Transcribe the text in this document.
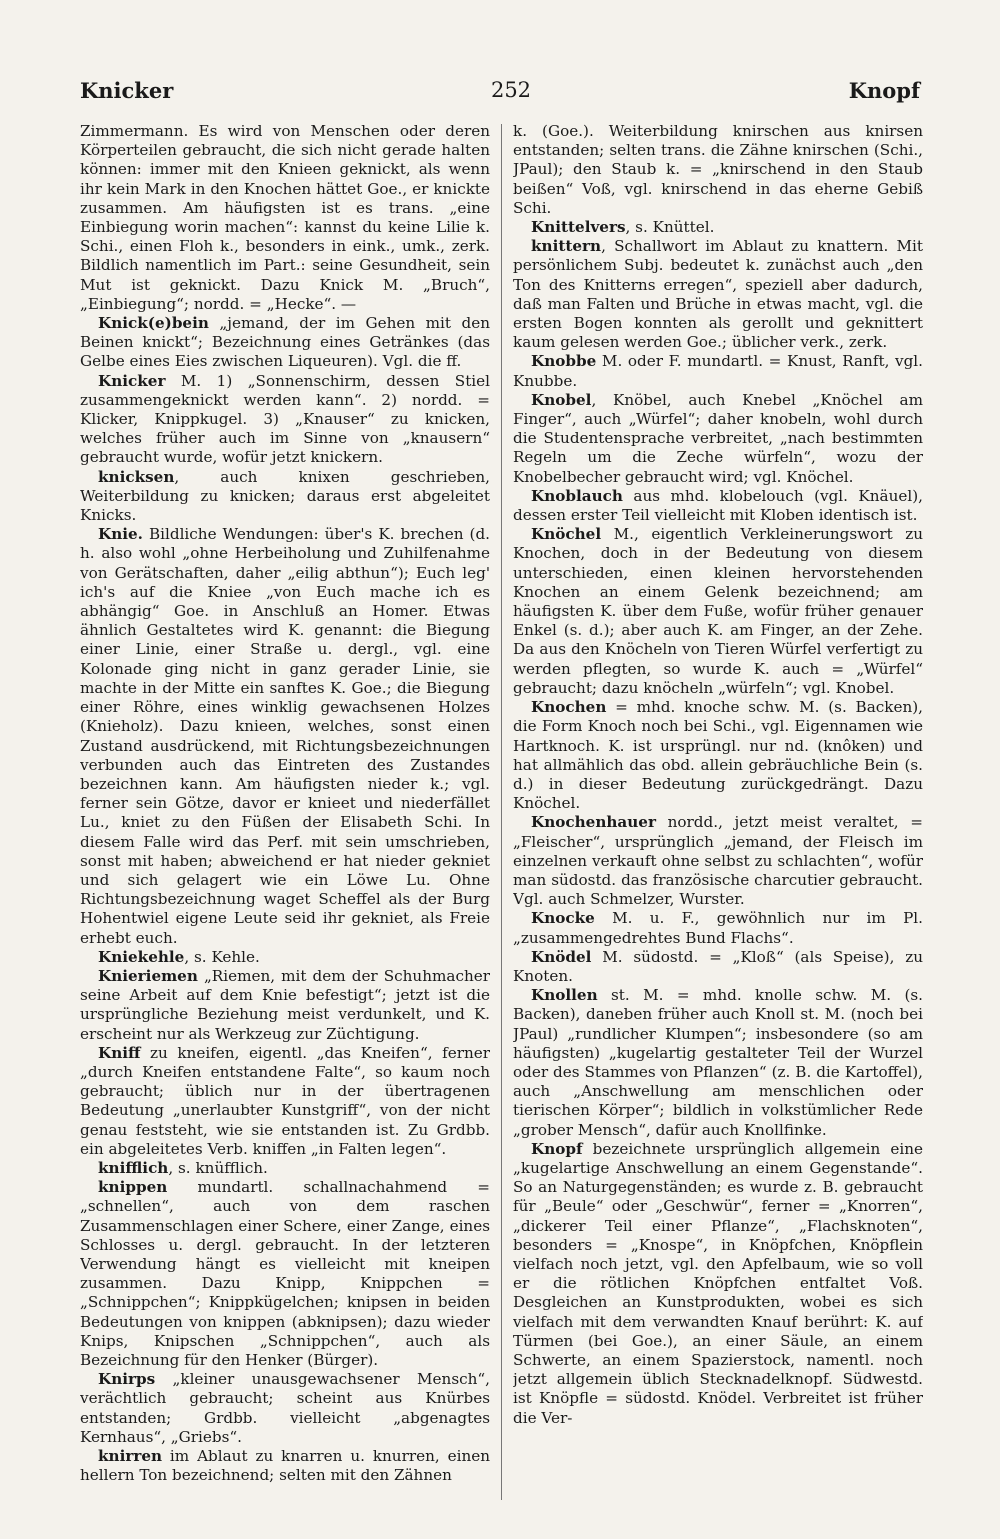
Knicker	252	Knopf

Zimmermann. Es wird von Menschen oder deren Körperteilen gebraucht, die sich nicht gerade halten können: immer mit den Knieen geknickt, als wenn ihr kein Mark in den Knochen hättet Goe., er knickte zusammen. Am häufigsten ist es trans. „eine Einbiegung worin machen“: kannst du keine Lilie k. Schi., einen Floh k., besonders in eink., umk., zerk. Bildlich namentlich im Part.: seine Gesundheit, sein Mut ist geknickt. Dazu Knick M. „Bruch“, „Einbiegung“; nordd. = „Hecke“. —

Knick(e)bein „jemand, der im Gehen mit den Beinen knickt“; Bezeichnung eines Getränkes (das Gelbe eines Eies zwischen Liqueuren). Vgl. die ff.

Knicker M. 1) „Sonnenschirm, dessen Stiel zusammengeknickt werden kann“. 2) nordd. = Klicker, Knippkugel. 3) „Knauser“ zu knicken, welches früher auch im Sinne von „knausern“ gebraucht wurde, wofür jetzt knickern.

knicksen, auch knixen geschrieben, Weiterbildung zu knicken; daraus erst abgeleitet Knicks.

Knie. Bildliche Wendungen: über's K. brechen (d. h. also wohl „ohne Herbeiholung und Zuhilfenahme von Gerätschaften, daher „eilig abthun“); Euch leg' ich's auf die Kniee „von Euch mache ich es abhängig“ Goe. in Anschluß an Homer. Etwas ähnlich Gestaltetes wird K. genannt: die Biegung einer Linie, einer Straße u. dergl., vgl. eine Kolonade ging nicht in ganz gerader Linie, sie machte in der Mitte ein sanftes K. Goe.; die Biegung einer Röhre, eines winklig gewachsenen Holzes (Knieholz). Dazu knieen, welches, sonst einen Zustand ausdrückend, mit Richtungsbezeichnungen verbunden auch das Eintreten des Zustandes bezeichnen kann. Am häufigsten nieder k.; vgl. ferner sein Götze, davor er knieet und niederfället Lu., kniet zu den Füßen der Elisabeth Schi. In diesem Falle wird das Perf. mit sein umschrieben, sonst mit haben; abweichend er hat nieder gekniet und sich gelagert wie ein Löwe Lu. Ohne Richtungsbezeichnung waget Scheffel als der Burg Hohentwiel eigene Leute seid ihr gekniet, als Freie erhebt euch.

Kniekehle, s. Kehle.

Knieriemen „Riemen, mit dem der Schuhmacher seine Arbeit auf dem Knie befestigt“; jetzt ist die ursprüngliche Beziehung meist verdunkelt, und K. erscheint nur als Werkzeug zur Züchtigung.

Kniff zu kneifen, eigentl. „das Kneifen“, ferner „durch Kneifen entstandene Falte“, so kaum noch gebraucht; üblich nur in der übertragenen Bedeutung „unerlaubter Kunstgriff“, von der nicht genau feststeht, wie sie entstanden ist. Zu Grdbb. ein abgeleitetes Verb. kniffen „in Falten legen“.

knifflich, s. knüfflich.

knippen mundartl. schallnachahmend = „schnellen“, auch von dem raschen Zusammenschlagen einer Schere, einer Zange, eines Schlosses u. dergl. gebraucht. In der letzteren Verwendung hängt es vielleicht mit kneipen zusammen. Dazu Knipp, Knippchen = „Schnippchen“; Knippkügelchen; knipsen in beiden Bedeutungen von knippen (abknipsen); dazu wieder Knips, Knipschen „Schnippchen“, auch als Bezeichnung für den Henker (Bürger).

Knirps „kleiner unausgewachsener Mensch“, verächtlich gebraucht; scheint aus Knürbes entstanden; Grdbb. vielleicht „abgenagtes Kernhaus“, „Griebs“.

knirren im Ablaut zu knarren u. knurren, einen hellern Ton bezeichnend; selten mit den Zähnen

k. (Goe.). Weiterbildung knirschen aus knirsen entstanden; selten trans. die Zähne knirschen (Schi., JPaul); den Staub k. = „knirschend in den Staub beißen“ Voß, vgl. knirschend in das eherne Gebiß Schi.

Knittelvers, s. Knüttel.

knittern, Schallwort im Ablaut zu knattern. Mit persönlichem Subj. bedeutet k. zunächst auch „den Ton des Knitterns erregen“, speziell aber dadurch, daß man Falten und Brüche in etwas macht, vgl. die ersten Bogen konnten als gerollt und geknittert kaum gelesen werden Goe.; üblicher verk., zerk.

Knobbe M. oder F. mundartl. = Knust, Ranft, vgl. Knubbe.

Knobel, Knöbel, auch Knebel „Knöchel am Finger“, auch „Würfel“; daher knobeln, wohl durch die Studentensprache verbreitet, „nach bestimmten Regeln um die Zeche würfeln“, wozu der Knobelbecher gebraucht wird; vgl. Knöchel.

Knoblauch aus mhd. klobelouch (vgl. Knäuel), dessen erster Teil vielleicht mit Kloben identisch ist.

Knöchel M., eigentlich Verkleinerungswort zu Knochen, doch in der Bedeutung von diesem unterschieden, einen kleinen hervorstehenden Knochen an einem Gelenk bezeichnend; am häufigsten K. über dem Fuße, wofür früher genauer Enkel (s. d.); aber auch K. am Finger, an der Zehe. Da aus den Knöcheln von Tieren Würfel verfertigt zu werden pflegten, so wurde K. auch = „Würfel“ gebraucht; dazu knöcheln „würfeln“; vgl. Knobel.

Knochen = mhd. knoche schw. M. (s. Backen), die Form Knoch noch bei Schi., vgl. Eigennamen wie Hartknoch. K. ist ursprüngl. nur nd. (knôken) und hat allmählich das obd. allein gebräuchliche Bein (s. d.) in dieser Bedeutung zurückgedrängt. Dazu Knöchel.

Knochenhauer nordd., jetzt meist veraltet, = „Fleischer“, ursprünglich „jemand, der Fleisch im einzelnen verkauft ohne selbst zu schlachten“, wofür man südostd. das französische charcutier gebraucht. Vgl. auch Schmelzer, Wurster.

Knocke M. u. F., gewöhnlich nur im Pl. „zusammengedrehtes Bund Flachs“.

Knödel M. südostd. = „Kloß“ (als Speise), zu Knoten.

Knollen st. M. = mhd. knolle schw. M. (s. Backen), daneben früher auch Knoll st. M. (noch bei JPaul) „rundlicher Klumpen“; insbesondere (so am häufigsten) „kugelartig gestalteter Teil der Wurzel oder des Stammes von Pflanzen“ (z. B. die Kartoffel), auch „Anschwellung am menschlichen oder tierischen Körper“; bildlich in volkstümlicher Rede „grober Mensch“, dafür auch Knollfinke.

Knopf bezeichnete ursprünglich allgemein eine „kugelartige Anschwellung an einem Gegenstande“. So an Naturgegenständen; es wurde z. B. gebraucht für „Beule“ oder „Geschwür“, ferner = „Knorren“, „dickerer Teil einer Pflanze“, „Flachsknoten“, besonders = „Knospe“, in Knöpfchen, Knöpflein vielfach noch jetzt, vgl. den Apfelbaum, wie so voll er die rötlichen Knöpfchen entfaltet Voß. Desgleichen an Kunstprodukten, wobei es sich vielfach mit dem verwandten Knauf berührt: K. auf Türmen (bei Goe.), an einer Säule, an einem Schwerte, an einem Spazierstock, namentl. noch jetzt allgemein üblich Stecknadelknopf. Südwestd. ist Knöpfle = südostd. Knödel. Verbreitet ist früher die Ver-
